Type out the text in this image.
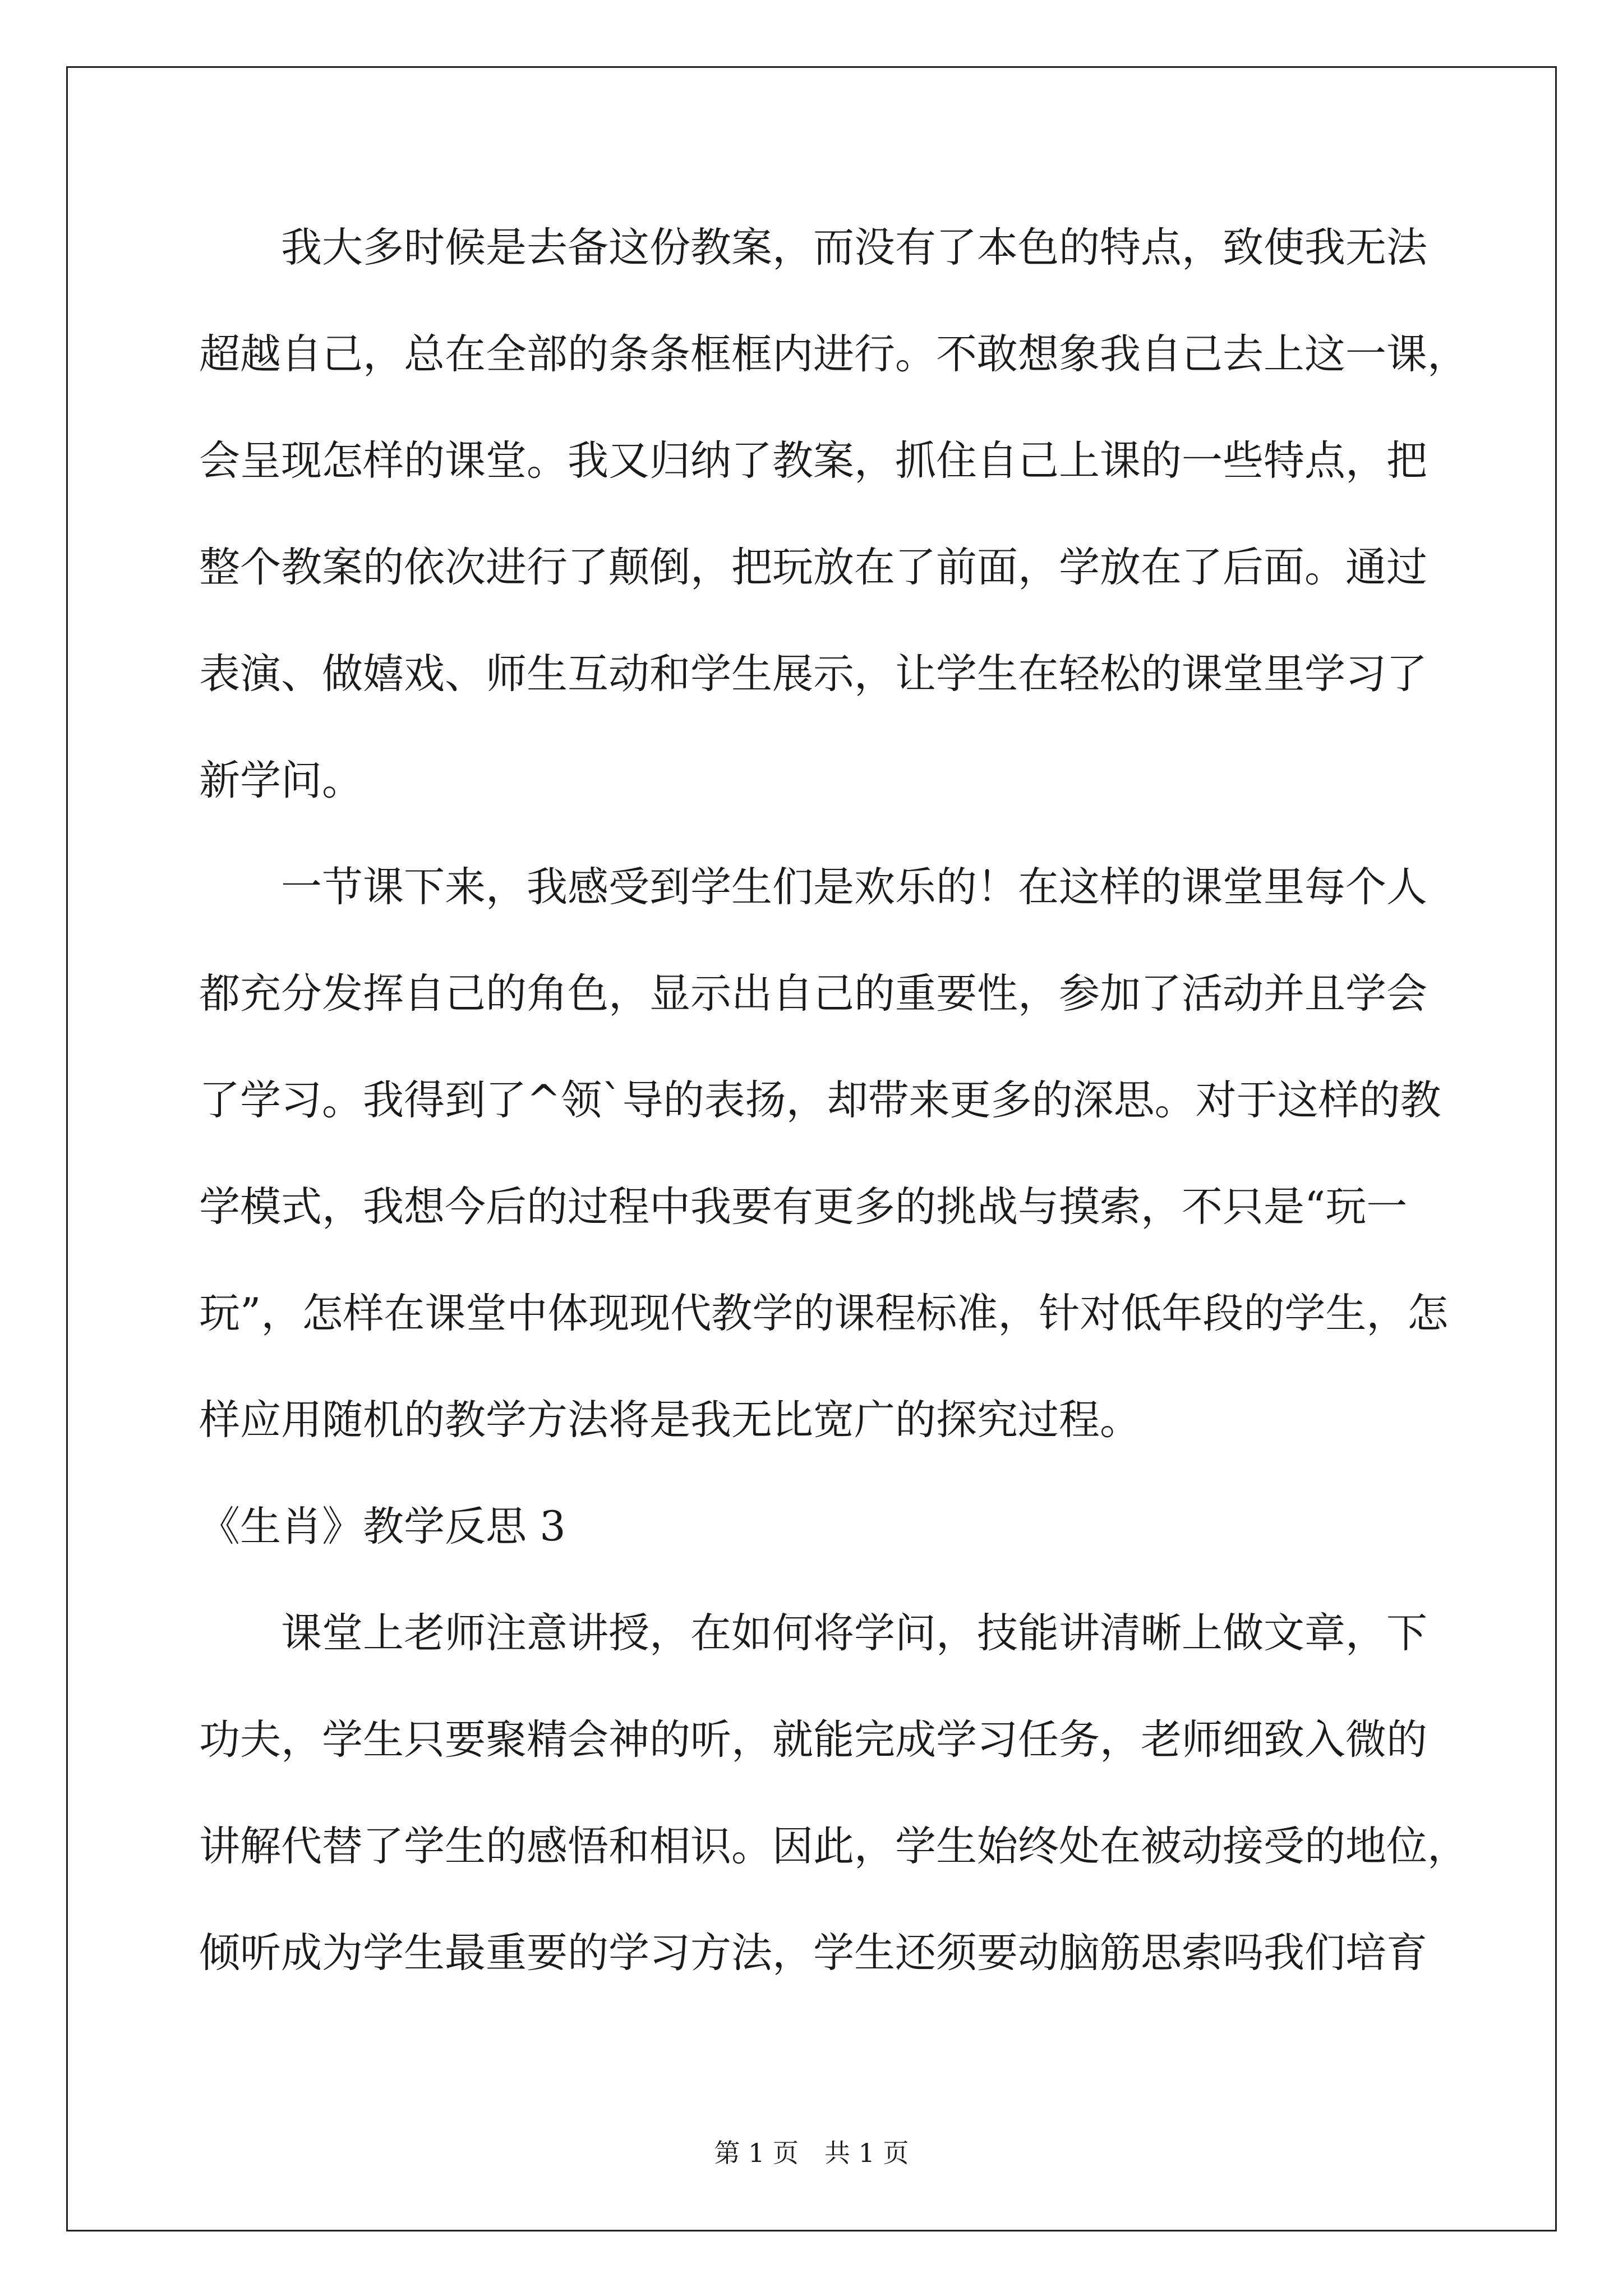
　　我大多时候是去备这份教案，而没有了本色的特点，致使我无法
超越自己，总在全部的条条框框内进行。不敢想象我自己去上这一课，
会呈现怎样的课堂。我又归纳了教案，抓住自己上课的一些特点，把
整个教案的依次进行了颠倒，把玩放在了前面，学放在了后面。通过
表演、做嬉戏、师生互动和学生展示，让学生在轻松的课堂里学习了
新学问。
　　一节课下来，我感受到学生们是欢乐的！在这样的课堂里每个人
都充分发挥自己的角色，显示出自己的重要性，参加了活动并且学会
了学习。我得到了^领`导的表扬，却带来更多的深思。对于这样的教
学模式，我想今后的过程中我要有更多的挑战与摸索，不只是“玩一
玩”，怎样在课堂中体现现代教学的课程标准，针对低年段的学生，怎
样应用随机的教学方法将是我无比宽广的探究过程。
《生肖》教学反思 3
　　课堂上老师注意讲授，在如何将学问，技能讲清晰上做文章，下
功夫，学生只要聚精会神的听，就能完成学习任务，老师细致入微的
讲解代替了学生的感悟和相识。因此，学生始终处在被动接受的地位，
倾听成为学生最重要的学习方法，学生还须要动脑筋思索吗我们培育
第 1 页　共 1 页
